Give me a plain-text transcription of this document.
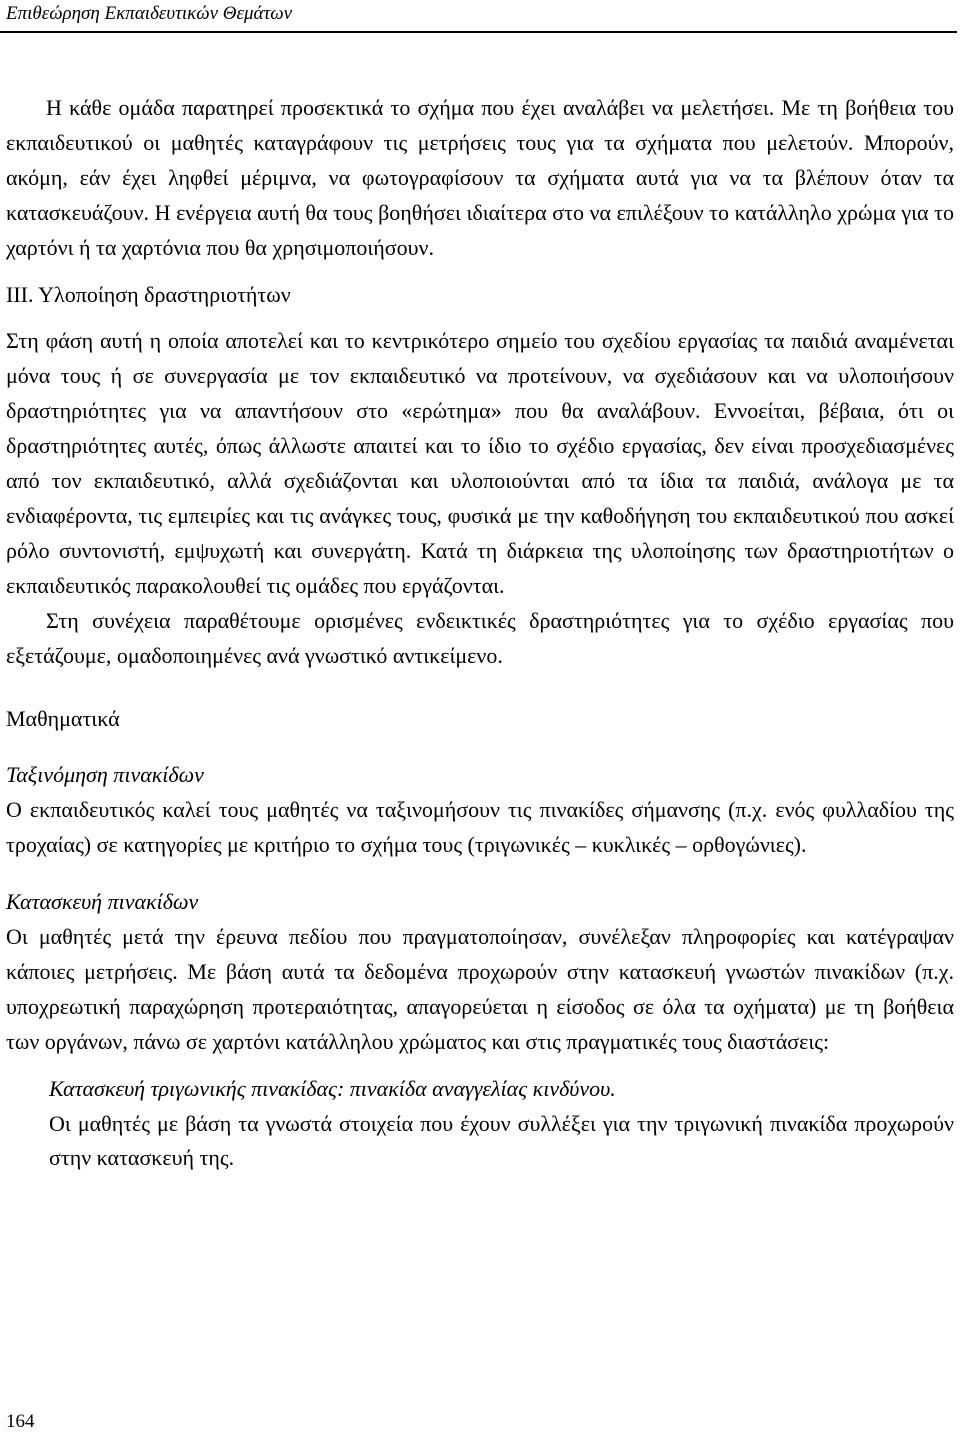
Επιθεώρηση Εκπαιδευτικών Θεμάτων

Η κάθε ομάδα παρατηρεί προσεκτικά το σχήμα που έχει αναλάβει να μελετήσει. Με τη βοήθεια του εκπαιδευτικού οι μαθητές καταγράφουν τις μετρήσεις τους για τα σχήματα που μελετούν. Μπορούν, ακόμη, εάν έχει ληφθεί μέριμνα, να φωτογραφίσουν τα σχήματα αυτά για να τα βλέπουν όταν τα κατασκευάζουν. Η ενέργεια αυτή θα τους βοηθήσει ιδιαίτερα στο να επιλέξουν το κατάλληλο χρώμα για το χαρτόνι ή τα χαρτόνια που θα χρησιμοποιήσουν.

ΙΙΙ. Υλοποίηση δραστηριοτήτων

Στη φάση αυτή η οποία αποτελεί και το κεντρικότερο σημείο του σχεδίου εργασίας τα παιδιά αναμένεται μόνα τους ή σε συνεργασία με τον εκπαιδευτικό να προτείνουν, να σχεδιάσουν και να υλοποιήσουν δραστηριότητες για να απαντήσουν στο «ερώτημα» που θα αναλάβουν. Εννοείται, βέβαια, ότι οι δραστηριότητες αυτές, όπως άλλωστε απαιτεί και το ίδιο το σχέδιο εργασίας, δεν είναι προσχεδιασμένες από τον εκπαιδευτικό, αλλά σχεδιάζονται και υλοποιούνται από τα ίδια τα παιδιά, ανάλογα με τα ενδιαφέροντα, τις εμπειρίες και τις ανάγκες τους, φυσικά με την καθοδήγηση του εκπαιδευτικού που ασκεί ρόλο συντονιστή, εμψυχωτή και συνεργάτη. Κατά τη διάρκεια της υλοποίησης των δραστηριοτήτων ο εκπαιδευτικός παρακολουθεί τις ομάδες που εργάζονται.

Στη συνέχεια παραθέτουμε ορισμένες ενδεικτικές δραστηριότητες για το σχέδιο εργασίας που εξετάζουμε, ομαδοποιημένες ανά γνωστικό αντικείμενο.

Μαθηματικά

Ταξινόμηση πινακίδων

Ο εκπαιδευτικός καλεί τους μαθητές να ταξινομήσουν τις πινακίδες σήμανσης (π.χ. ενός φυλλαδίου της τροχαίας) σε κατηγορίες με κριτήριο το σχήμα τους (τριγωνικές – κυκλικές – ορθογώνιες).

Κατασκευή πινακίδων

Οι μαθητές μετά την έρευνα πεδίου που πραγματοποίησαν, συνέλεξαν πληροφορίες και κατέγραψαν κάποιες μετρήσεις. Με βάση αυτά τα δεδομένα προχωρούν στην κατασκευή γνωστών πινακίδων (π.χ. υποχρεωτική παραχώρηση προτεραιότητας, απαγορεύεται η είσοδος σε όλα τα οχήματα) με τη βοήθεια των οργάνων, πάνω σε χαρτόνι κατάλληλου χρώματος και στις πραγματικές τους διαστάσεις:

Κατασκευή τριγωνικής πινακίδας: πινακίδα αναγγελίας κινδύνου.

Οι μαθητές με βάση τα γνωστά στοιχεία που έχουν συλλέξει για την τριγωνική πινακίδα προχωρούν στην κατασκευή της.

164
